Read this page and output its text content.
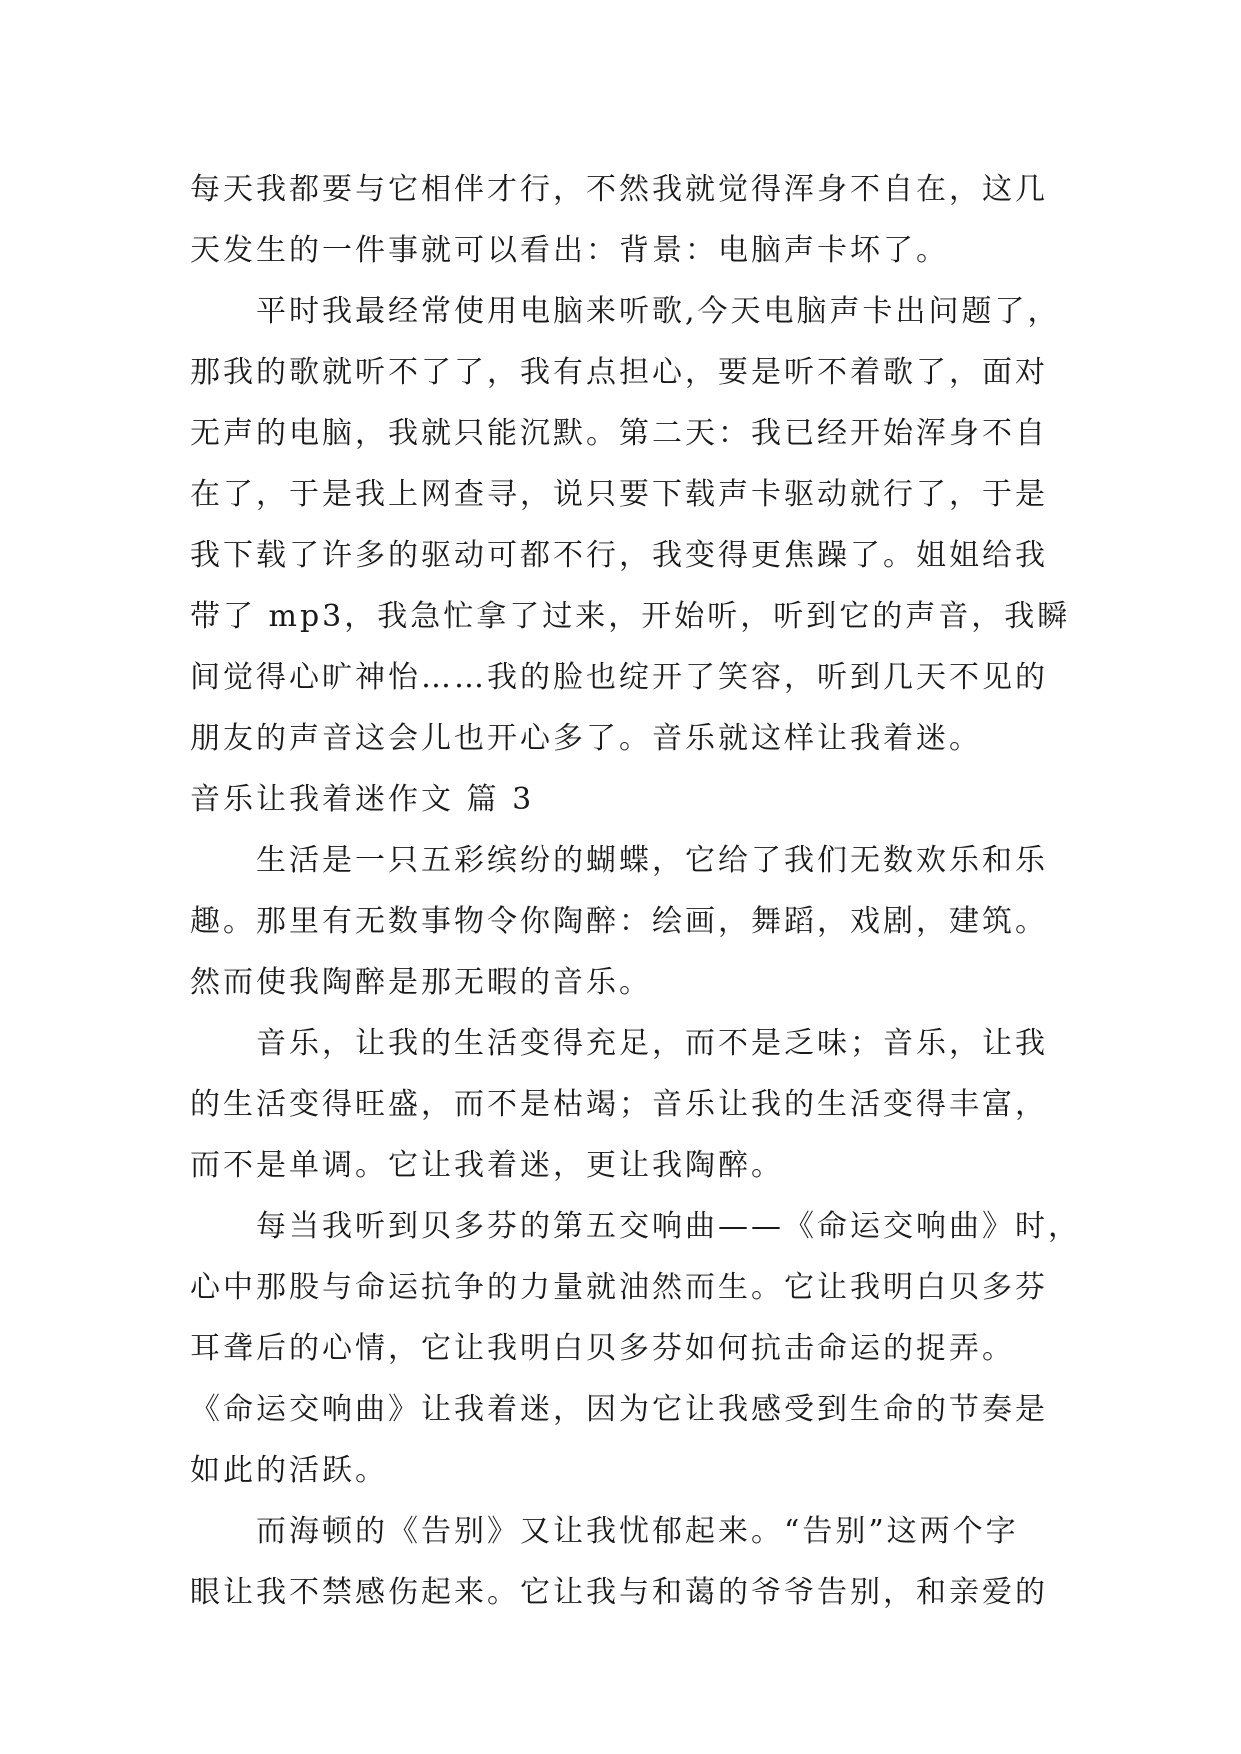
每天我都要与它相伴才行，不然我就觉得浑身不自在，这几
天发生的一件事就可以看出：背景：电脑声卡坏了。
平时我最经常使用电脑来听歌,今天电脑声卡出问题了，
那我的歌就听不了了，我有点担心，要是听不着歌了，面对
无声的电脑，我就只能沉默。第二天：我已经开始浑身不自
在了，于是我上网查寻，说只要下载声卡驱动就行了，于是
我下载了许多的驱动可都不行，我变得更焦躁了。姐姐给我
带了 mp3，我急忙拿了过来，开始听，听到它的声音，我瞬
间觉得心旷神怡……我的脸也绽开了笑容，听到几天不见的
朋友的声音这会儿也开心多了。音乐就这样让我着迷。
音乐让我着迷作文 篇 3
生活是一只五彩缤纷的蝴蝶，它给了我们无数欢乐和乐
趣。那里有无数事物令你陶醉：绘画，舞蹈，戏剧，建筑。
然而使我陶醉是那无暇的音乐。
音乐，让我的生活变得充足，而不是乏味；音乐，让我
的生活变得旺盛，而不是枯竭；音乐让我的生活变得丰富，
而不是单调。它让我着迷，更让我陶醉。
每当我听到贝多芬的第五交响曲——《命运交响曲》时，
心中那股与命运抗争的力量就油然而生。它让我明白贝多芬
耳聋后的心情，它让我明白贝多芬如何抗击命运的捉弄。
《命运交响曲》让我着迷，因为它让我感受到生命的节奏是
如此的活跃。
而海顿的《告别》又让我忧郁起来。“告别”这两个字
眼让我不禁感伤起来。它让我与和蔼的爷爷告别，和亲爱的
